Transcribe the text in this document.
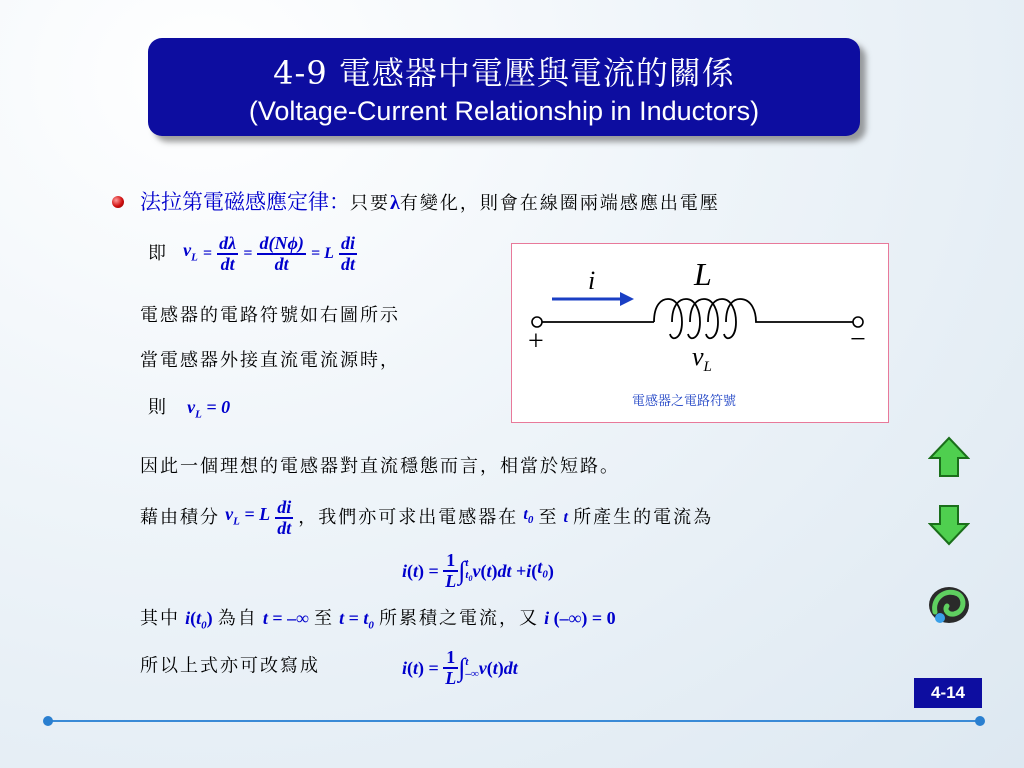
4-9 電感器中電壓與電流的關係
(Voltage-Current Relationship in Inductors)
法拉第電磁感應定律：只要λ有變化，則會在線圈兩端感應出電壓
即 $v_L = \frac{d\lambda}{dt} = \frac{d(N\phi)}{dt} = L \frac{di}{dt}$
電感器的電路符號如右圖所示
當電感器外接直流電流源時，
則 $v_L = 0$
i	L
+	−
$v_L$
電感器之電路符號
因此一個理想的電感器對直流穩態而言，相當於短路。
藉由積分 $v_L = L \frac{di}{dt}$ ，我們亦可求出電感器在 $t_0$ 至 t 所產生的電流為
$i(t) = \frac{1}{L}$ ∫ t
$t_0$ $v(t)dt +i(t_0)$
其中 $i(t_0)$ 為自 t = –∞ 至 $t = t_0$ 所累積之電流，又 i (–∞) = 0
所以上式亦可改寫成	$i(t) = \frac{1}{L}$ ∫ t
–∞ v(t)dt
4-14
